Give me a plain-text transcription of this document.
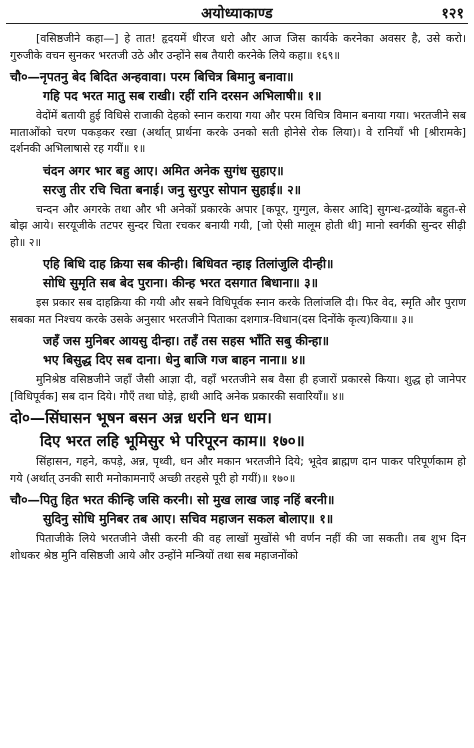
अयोध्याकाण्ड	१२१

[वसिष्ठजीने कहा—] हे तात! हृदयमें धीरज धरो और आज जिस कार्यके करनेका अवसर है, उसे करो। गुरुजीके वचन सुनकर भरतजी उठे और उन्होंने सब तैयारी करनेके लिये कहा॥ १६९॥

चौ०—नृपतनु बेद बिदित अन्हवावा। परम बिचित्र बिमानु बनावा॥
गहि पद भरत मातु सब राखी। रहीं रानि दरसन अभिलाषी॥ १॥

वेदोंमें बतायी हुई विधिसे राजाकी देहको स्नान कराया गया और परम विचित्र विमान बनाया गया। भरतजीने सब माताओंको चरण पकड़कर रखा (अर्थात् प्रार्थना करके उनको सती होनेसे रोक लिया)। वे रानियाँ भी [श्रीरामके] दर्शनकी अभिलाषासे रह गयीं॥ १॥

चंदन अगर भार बहु आए। अमित अनेक सुगंध सुहाए॥
सरजु तीर रचि चिता बनाई। जनु सुरपुर सोपान सुहाई॥ २॥

चन्दन और अगरके तथा और भी अनेकों प्रकारके अपार [कपूर, गुग्गुल, केसर आदि] सुगन्ध-द्रव्योंके बहुत-से बोझ आये। सरयूजीके तटपर सुन्दर चिता रचकर बनायी गयी, [जो ऐसी मालूम होती थी] मानो स्वर्गकी सुन्दर सीढ़ी हो॥ २॥

एहि बिधि दाह क्रिया सब कीन्ही। बिधिवत न्हाइ तिलांजुलि दीन्ही॥
सोधि सुमृति सब बेद पुराना। कीन्ह भरत दसगात बिधाना॥ ३॥

इस प्रकार सब दाहक्रिया की गयी और सबने विधिपूर्वक स्नान करके तिलांजलि दी। फिर वेद, स्मृति और पुराण सबका मत निश्चय करके उसके अनुसार भरतजीने पिताका दशगात्र-विधान(दस दिनोंके कृत्य)किया॥ ३॥

जहँ जस मुनिबर आयसु दीन्हा। तहँ तस सहस भाँति सबु कीन्हा॥
भए बिसुद्ध दिए सब दाना। धेनु बाजि गज बाहन नाना॥ ४॥

मुनिश्रेष्ठ वसिष्ठजीने जहाँ जैसी आज्ञा दी, वहाँ भरतजीने सब वैसा ही हजारों प्रकारसे किया। शुद्ध हो जानेपर [विधिपूर्वक] सब दान दिये। गौएँ तथा घोड़े, हाथी आदि अनेक प्रकारकी सवारियाँ॥ ४॥

दो०—सिंघासन भूषन बसन अन्न धरनि धन धाम।
दिए भरत लहि भूमिसुर भे परिपूरन काम॥ १७०॥

सिंहासन, गहने, कपड़े, अन्न, पृथ्वी, धन और मकान भरतजीने दिये; भूदेव ब्राह्मण दान पाकर परिपूर्णकाम हो गये (अर्थात् उनकी सारी मनोकामनाएँ अच्छी तरहसे पूरी हो गयीं)॥ १७०॥

चौ०—पितु हित भरत कीन्हि जसि करनी। सो मुख लाख जाइ नहिं बरनी॥
सुदिनु सोधि मुनिबर तब आए। सचिव महाजन सकल बोलाए॥ १॥

पिताजीके लिये भरतजीने जैसी करनी की वह लाखों मुखोंसे भी वर्णन नहीं की जा सकती। तब शुभ दिन शोधकर श्रेष्ठ मुनि वसिष्ठजी आये और उन्होंने मन्त्रियों तथा सब महाजनोंको
